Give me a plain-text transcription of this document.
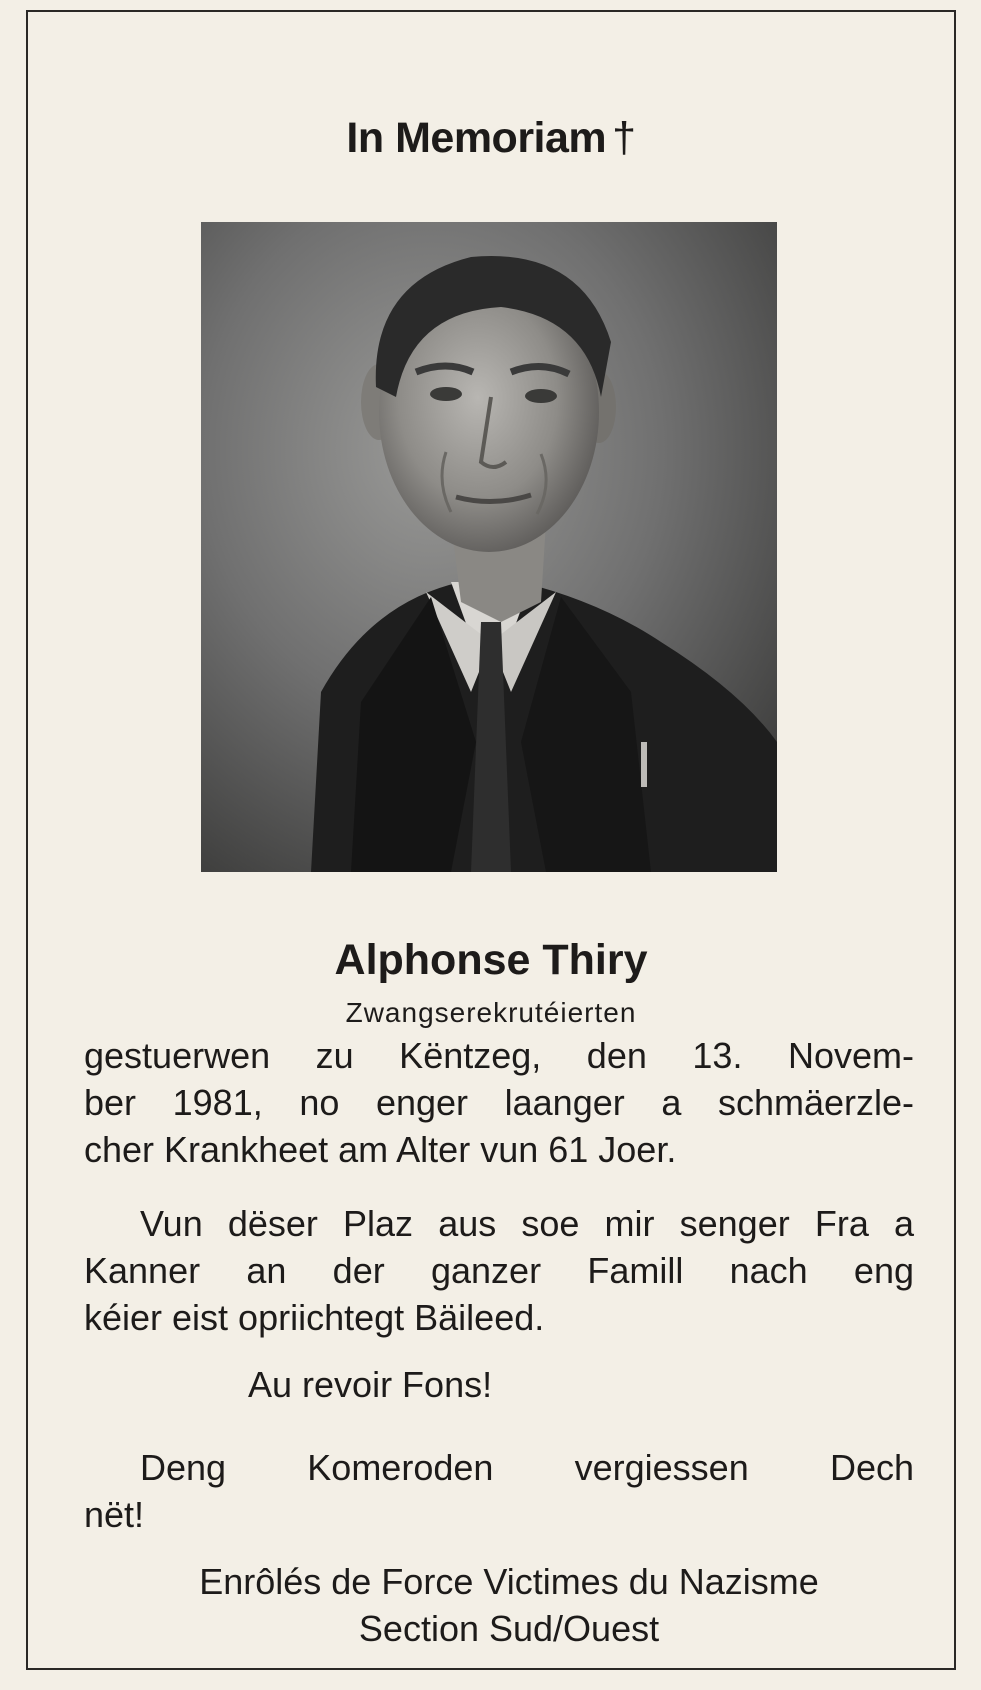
In Memoriam †
Alphonse Thiry
Zwangserekrutéierten
gestuerwen zu Këntzeg, den 13. Novem-
ber 1981, no enger laanger a schmäerzle-
cher Krankheet am Alter vun 61 Joer.
Vun dëser Plaz aus soe mir senger Fra a
Kanner an der ganzer Famill nach eng
kéier eist opriichtegt Bäileed.
Au revoir Fons!
Deng Komeroden vergiessen Dech
nët!
Enrôlés de Force Victimes du Nazisme
Section Sud/Ouest
